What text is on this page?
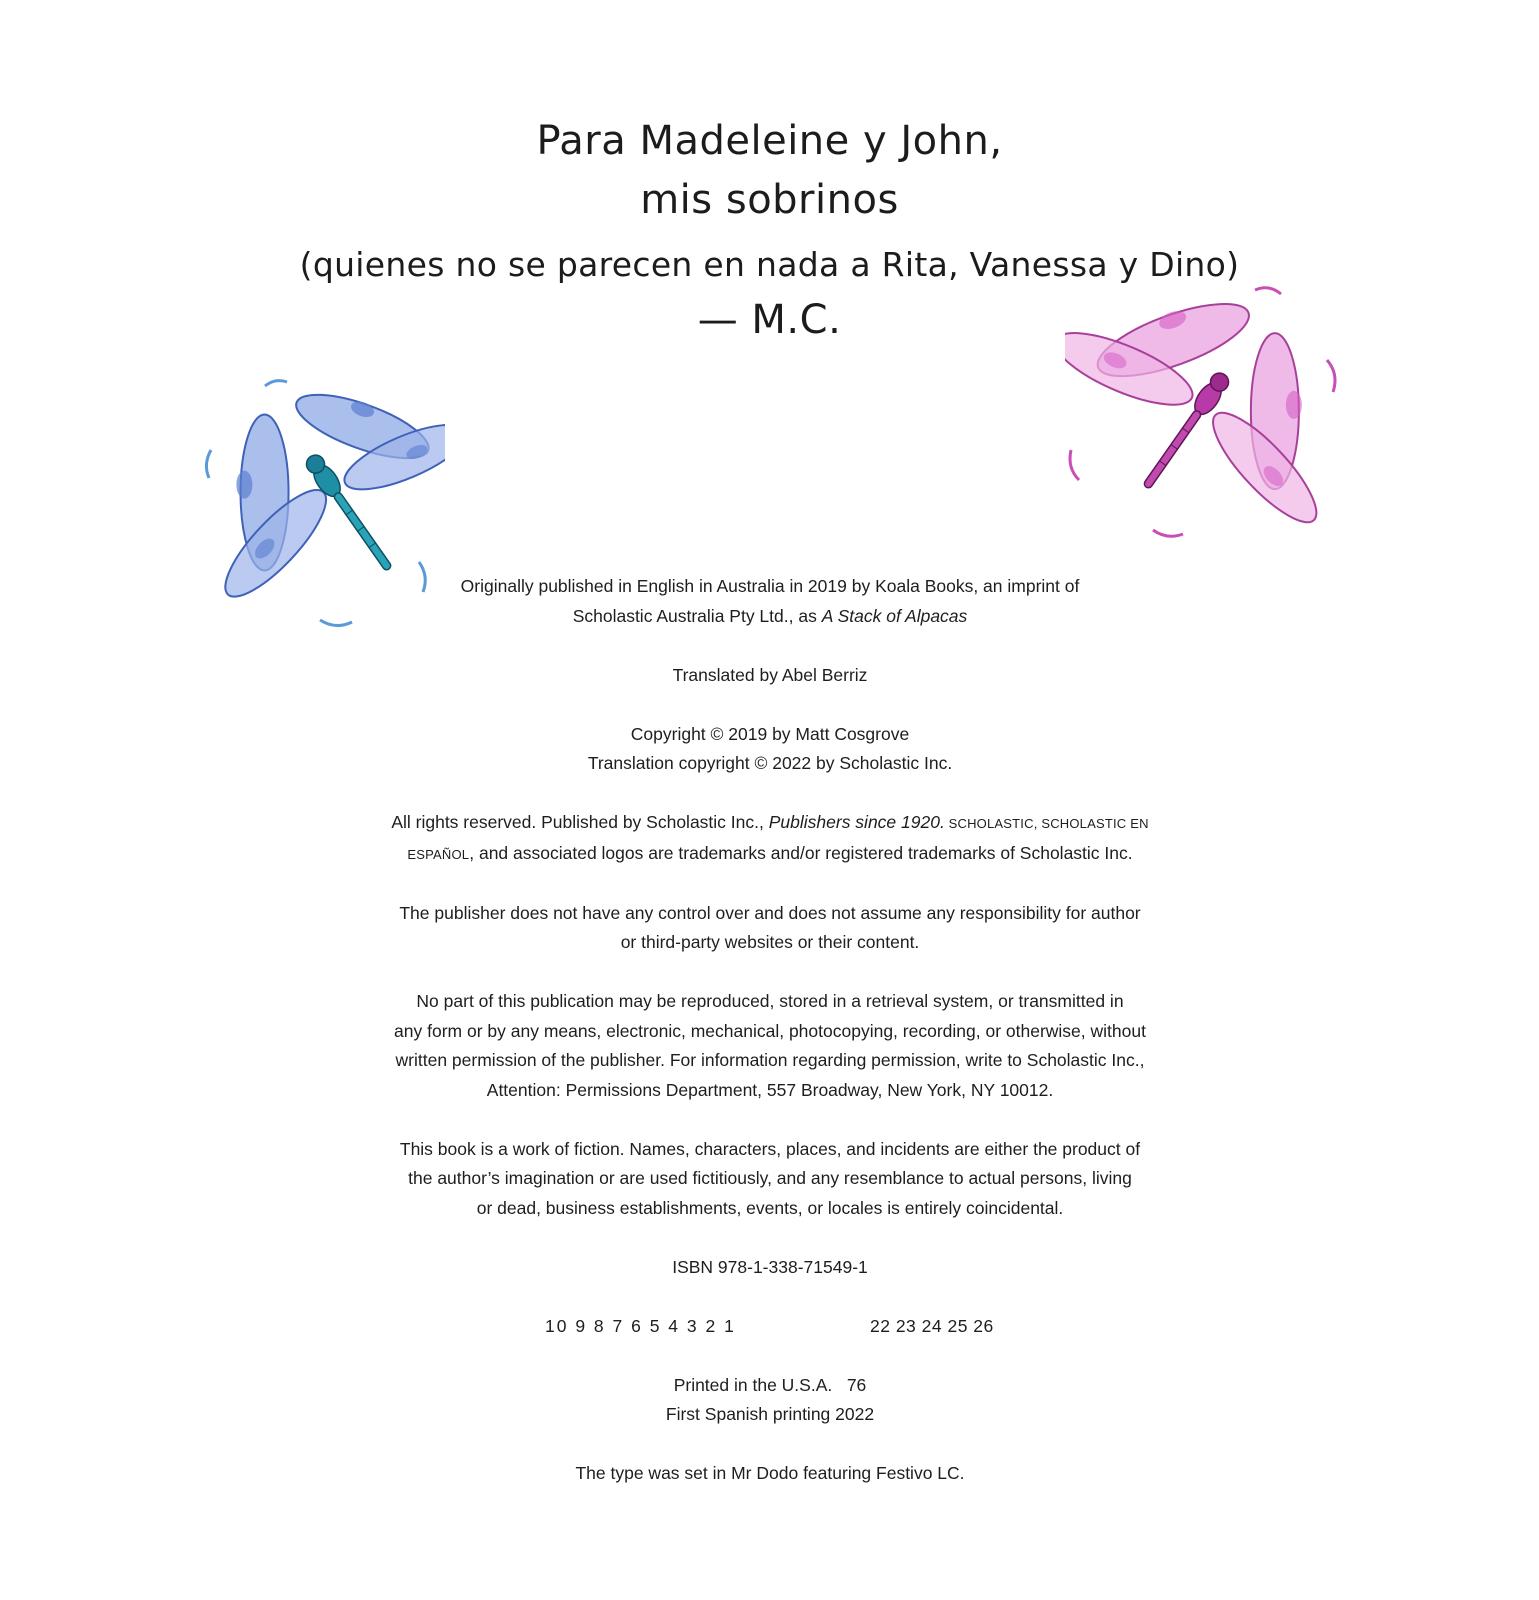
Para Madeleine y John,
mis sobrinos
(quienes no se parecen en nada a Rita, Vanessa y Dino)
— M.C.

Originally published in English in Australia in 2019 by Koala Books, an imprint of
Scholastic Australia Pty Ltd., as A Stack of Alpacas

Translated by Abel Berriz

Copyright © 2019 by Matt Cosgrove
Translation copyright © 2022 by Scholastic Inc.

All rights reserved. Published by Scholastic Inc., Publishers since 1920. SCHOLASTIC, SCHOLASTIC EN
ESPAÑOL, and associated logos are trademarks and/or registered trademarks of Scholastic Inc.

The publisher does not have any control over and does not assume any responsibility for author
or third-party websites or their content.

No part of this publication may be reproduced, stored in a retrieval system, or transmitted in
any form or by any means, electronic, mechanical, photocopying, recording, or otherwise, without
written permission of the publisher. For information regarding permission, write to Scholastic Inc.,
Attention: Permissions Department, 557 Broadway, New York, NY 10012.

This book is a work of fiction. Names, characters, places, and incidents are either the product of
the author’s imagination or are used fictitiously, and any resemblance to actual persons, living
or dead, business establishments, events, or locales is entirely coincidental.

ISBN 978-1-338-71549-1

10 9 8 7 6 5 4 3 2 1	22 23 24 25 26

Printed in the U.S.A.   76
First Spanish printing 2022

The type was set in Mr Dodo featuring Festivo LC.
